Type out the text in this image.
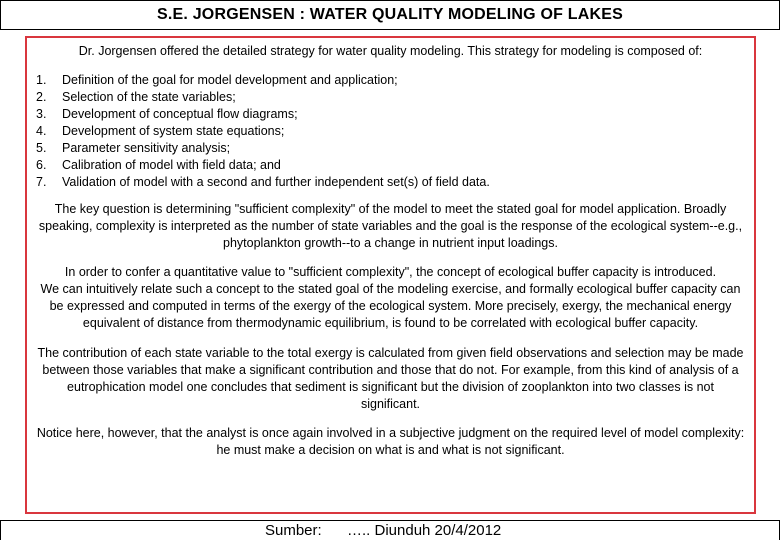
S.E. JORGENSEN : WATER QUALITY MODELING OF LAKES

Dr. Jorgensen offered the detailed strategy for water quality modeling. This strategy for modeling is composed of:

1.	Definition of the goal for model development and application;
2.	Selection of the state variables;
3.	Development of conceptual flow diagrams;
4.	Development of system state equations;
5.	Parameter sensitivity analysis;
6.	Calibration of model with field data; and
7.	Validation of model with a second and further independent set(s) of field data.

The key question is determining "sufficient complexity" of the model to meet the stated goal for model application. Broadly speaking, complexity is interpreted as the number of state variables and the goal is the response of the ecological system--e.g., phytoplankton growth--to a change in nutrient input loadings.

In order to confer a quantitative value to "sufficient complexity", the concept of ecological buffer capacity is introduced.
We can intuitively relate such a concept to the stated goal of the modeling exercise, and formally ecological buffer capacity can be expressed and computed in terms of the exergy of the ecological system. More precisely, exergy, the mechanical energy equivalent of distance from thermodynamic equilibrium, is found to be correlated with ecological buffer capacity.

The contribution of each state variable to the total exergy is calculated from given field observations and selection may be made between those variables that make a significant contribution and those that do not. For example, from this kind of analysis of a eutrophication model one concludes that sediment is significant but the division of zooplankton into two classes is not significant.

Notice here, however, that the analyst is once again involved in a subjective judgment on the required level of model complexity: he must make a decision on what is and what is not significant.

Sumber: ….. Diunduh 20/4/2012
